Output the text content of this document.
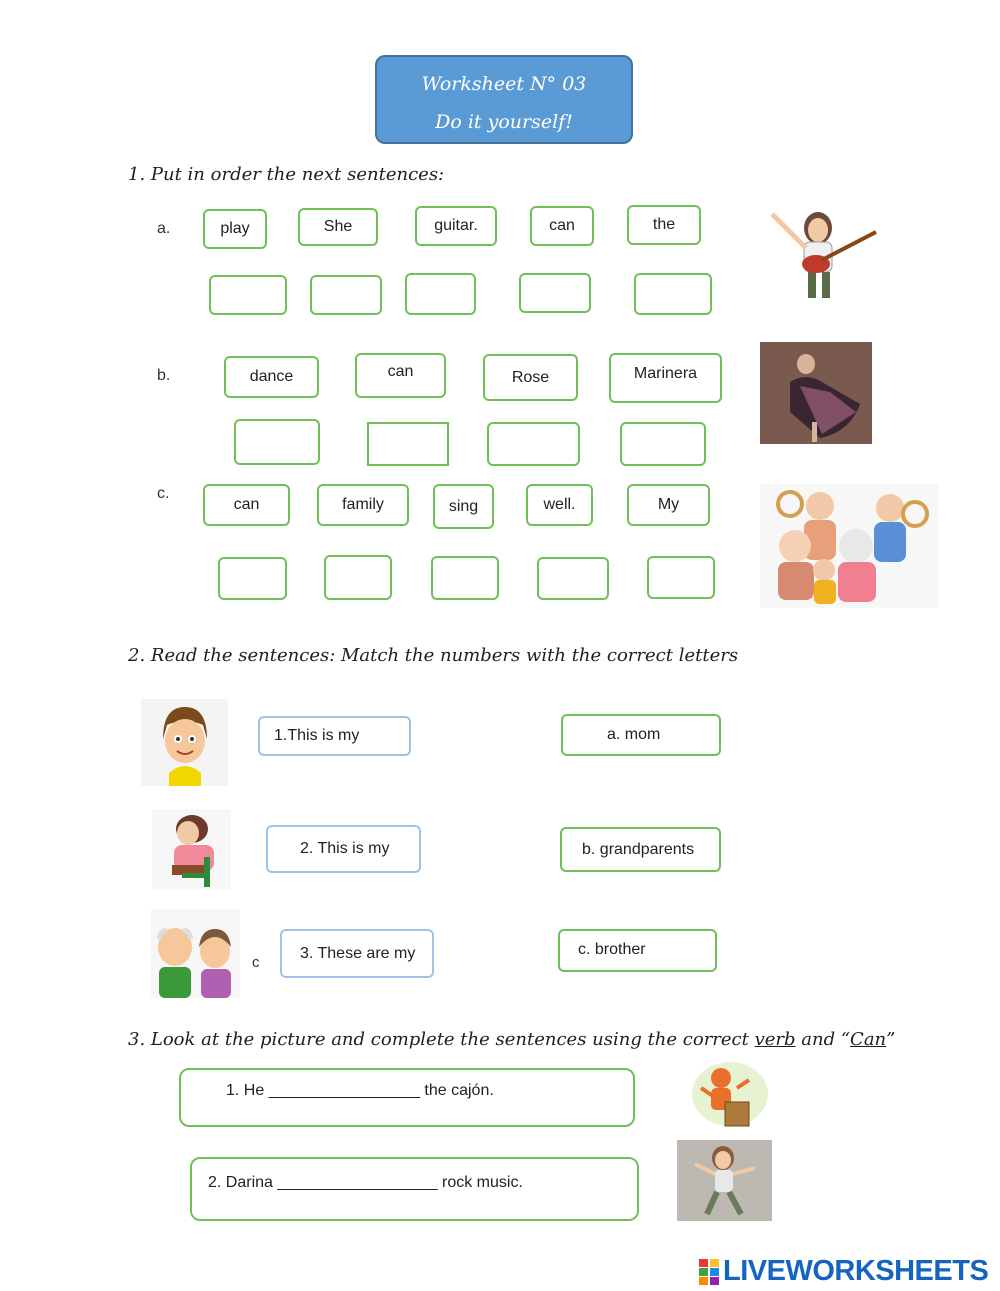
Worksheet N° 03
Do it yourself!
1. Put in order the next sentences:
a.	play	She	guitar.	can	the
b.	dance	can	Rose	Marinera
c.
can	family	sing	well.	My
2. Read the sentences: Match the numbers with the correct letters
1.This is my
2. This is my
c
3. These are my
a. mom
b. grandparents
c. brother
3. Look at the picture and complete the sentences using the correct verb and “Can”
1. He _________________ the cajón.
2. Darina __________________ rock music.
LIVEWORKSHEETS
